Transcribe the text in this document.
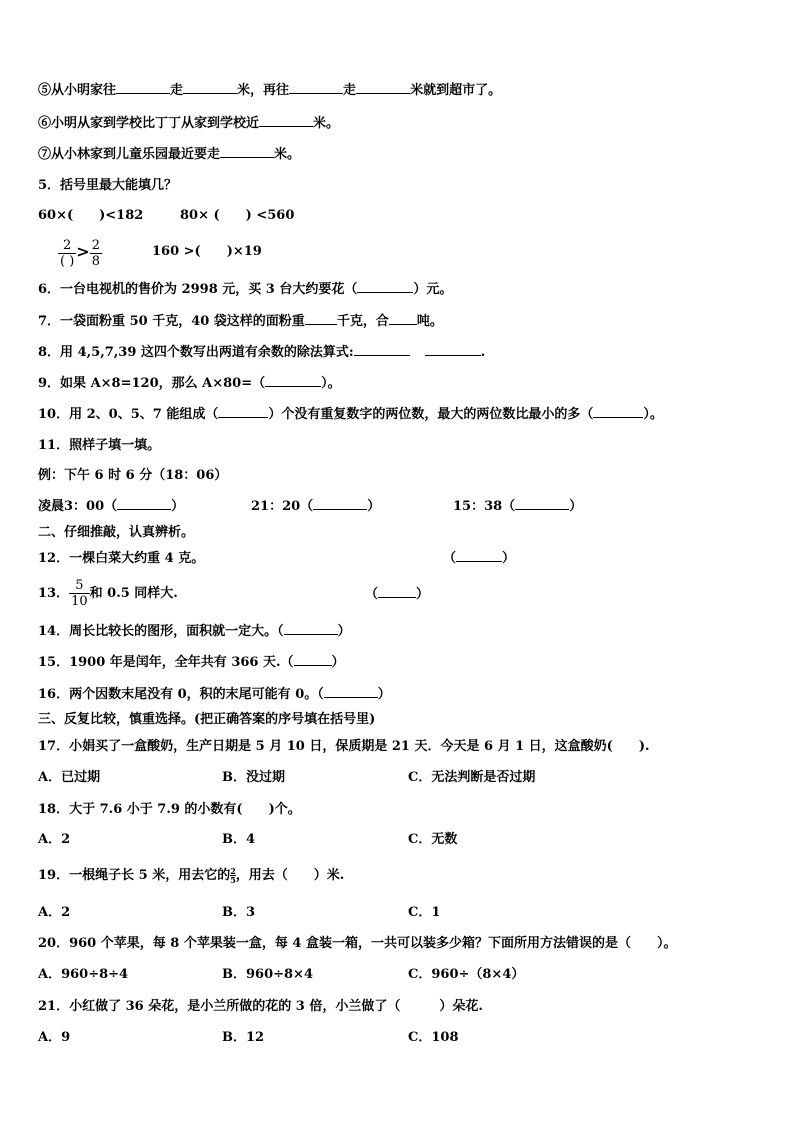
⑤从小明家往	走	米，再往	走	米就到超市了。
⑥小明从家到学校比丁丁从家到学校近	米。
⑦从小林家到儿童乐园最近要走	米。
5．括号里最大能填几？
60×(　　)<182	80× (　　) <560
$\frac{2}{( )} > \frac{2}{8}$	160 >(　　)×19
6．一台电视机的售价为 2998 元，买 3 台大约要花（	）元。
7．一袋面粉重 50 千克，40 袋这样的面粉重 千克，合 吨。
8．用 4,5,7,39 这四个数写出两道有余数的除法算式:	.
9．如果 A×8=120，那么 A×80=（	）。
10．用 2、0、5、7 能组成（	）个没有重复数字的两位数，最大的两位数比最小的多（	）。
11．照样子填一填。
例：下午 6 时 6 分（18：06）
凌晨3：00（	）	21：20（	）	15：38（	）
二、仔细推敲，认真辨析。
12．一棵白菜大约重 4 克。	（	）
13． $\frac{5}{10}$ 和 0.5 同样大.	（	）
14．周长比较长的图形，面积就一定大。（	）
15．1900 年是闰年，全年共有 366 天.（	）
16．两个因数末尾没有 0，积的末尾可能有 0。（	）
三、反复比较，慎重选择。(把正确答案的序号填在括号里)
17．小娟买了一盒酸奶，生产日期是 5 月 10 日，保质期是 21 天．今天是 6 月 1 日，这盒酸奶(　　).
A．已过期	B．没过期	C．无法判断是否过期
18．大于 7.6 小于 7.9 的小数有(　　)个。
A．2	B．4	C．无数
19．一根绳子长 5 米，用去它的 $\frac{2}{5}$，用去（　　）米.
A．2	B．3	C．1
20．960 个苹果，每 8 个苹果装一盒，每 4 盒装一箱，一共可以装多少箱？下面所用方法错误的是（　　）。
A．960÷8÷4	B．960÷8×4	C．960÷（8×4）
21．小红做了 36 朵花，是小兰所做的花的 3 倍，小兰做了（　　　）朵花.
A．9	B．12	C．108
